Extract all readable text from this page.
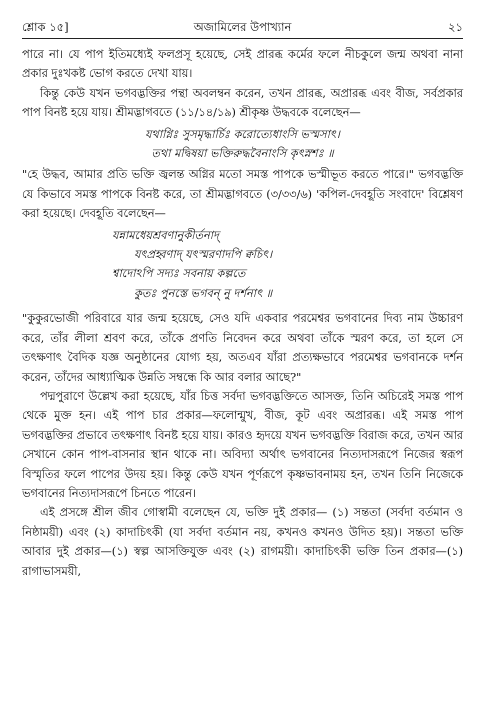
শ্লোক ১৫]	অজামিলের উপাখ্যান	২১

পারে না। যে পাপ ইতিমধ্যেই ফলপ্রসূ হয়েছে, সেই প্রারব্ধ কর্মের ফলে নীচকুলে জন্ম অথবা নানা প্রকার দুঃখকষ্ট ভোগ করতে দেখা যায়।

কিন্তু কেউ যখন ভগবদ্ভক্তির পন্থা অবলম্বন করেন, তখন প্রারব্ধ, অপ্রারব্ধ এবং বীজ, সর্বপ্রকার পাপ বিনষ্ট হয়ে যায়। শ্রীমদ্ভাগবতে (১১/১৪/১৯) শ্রীকৃষ্ণ উদ্ধবকে বলেছেন—

যথাগ্নিঃ সুসমৃদ্ধার্চিঃ করোত্যেধাংসি ভস্মসাৎ।
তথা মদ্বিষয়া ভক্তিরুদ্ধবৈনাংসি কৃৎস্নশঃ ॥

"হে উদ্ধব, আমার প্রতি ভক্তি জ্বলন্ত অগ্নির মতো সমস্ত পাপকে ভস্মীভূত করতে পারে।" ভগবদ্ভক্তি যে কিভাবে সমস্ত পাপকে বিনষ্ট করে, তা শ্রীমদ্ভাগবতে (৩/৩৩/৬) 'কপিল-দেবহূতি সংবাদে' বিশ্লেষণ করা হয়েছে। দেবহূতি বলেছেন—

যন্নামধেয়শ্রবণানুকীর্তনাদ্
যৎপ্রহ্বণাদ্ যৎস্মরণাদপি ক্বচিৎ।
শ্বাদোঽপি সদ্যঃ সবনায় কল্পতে
কুতঃ পুনস্তে ভগবন্ নু দর্শনাৎ ॥

"কুকুরভোজী পরিবারে যার জন্ম হয়েছে, সেও যদি একবার পরমেশ্বর ভগবানের দিব্য নাম উচ্চারণ করে, তাঁর লীলা শ্রবণ করে, তাঁকে প্রণতি নিবেদন করে অথবা তাঁকে স্মরণ করে, তা হলে সে তৎক্ষণাৎ বৈদিক যজ্ঞ অনুষ্ঠানের যোগ্য হয়, অতএব যাঁরা প্রত্যক্ষভাবে পরমেশ্বর ভগবানকে দর্শন করেন, তাঁদের আধ্যাত্মিক উন্নতি সম্বন্ধে কি আর বলার আছে?"

পদ্মপুরাণে উল্লেখ করা হয়েছে, যাঁর চিত্ত সর্বদা ভগবদ্ভক্তিতে আসক্ত, তিনি অচিরেই সমস্ত পাপ থেকে মুক্ত হন। এই পাপ চার প্রকার—ফলোন্মুখ, বীজ, কূট এবং অপ্রারব্ধ। এই সমস্ত পাপ ভগবদ্ভক্তির প্রভাবে তৎক্ষণাৎ বিনষ্ট হয়ে যায়। কারও হৃদয়ে যখন ভগবদ্ভক্তি বিরাজ করে, তখন আর সেখানে কোন পাপ-বাসনার স্থান থাকে না। অবিদ্যা অর্থাৎ ভগবানের নিত্যদাসরূপে নিজের স্বরূপ বিস্মৃতির ফলে পাপের উদয় হয়। কিন্তু কেউ যখন পূর্ণরূপে কৃষ্ণভাবনাময় হন, তখন তিনি নিজেকে ভগবানের নিত্যদাসরূপে চিনতে পারেন।

এই প্রসঙ্গে শ্রীল জীব গোস্বামী বলেছেন যে, ভক্তি দুই প্রকার— (১) সন্ততা (সর্বদা বর্তমান ও নিষ্ঠাময়ী) এবং (২) কাদাচিৎকী (যা সর্বদা বর্তমান নয়, কখনও কখনও উদিত হয়)। সন্ততা ভক্তি আবার দুই প্রকার—(১) স্বল্প আসক্তিযুক্ত এবং (২) রাগময়ী। কাদাচিৎকী ভক্তি তিন প্রকার—(১) রাগাভাসময়ী,
